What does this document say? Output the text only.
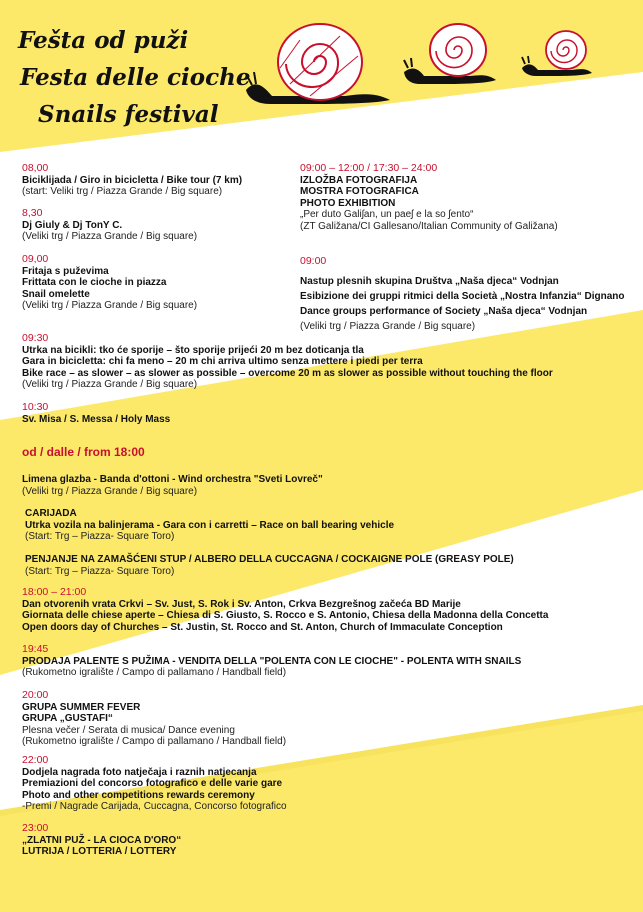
Fešta od puži
Festa delle cioche
Snails festival
08,00
Biciklijada / Giro in bicicletta / Bike tour (7 km)
(start: Veliki trg / Piazza Grande / Big square)
8,30
Dj Giuly & Dj TonY C.
(Veliki trg / Piazza Grande / Big square)
09,00
Fritaja s puževima
Frittata con le cioche in piazza
Snail omelette
(Veliki trg / Piazza Grande / Big square)
09:00 – 12:00 / 17:30 – 24:00
IZLOŽBA FOTOGRAFIJA
MOSTRA FOTOGRAFICA
PHOTO EXHIBITION
„Per duto Galiʃan, un paeʃ e la so ʃento“
(ZT Galižana/CI Gallesano/Italian Community of Galižana)
09:00
Nastup plesnih skupina Društva „Naša djeca“ Vodnjan
Esibizione dei gruppi ritmici della Società „Nostra Infanzia“ Dignano
Dance groups performance of Society „Naša djeca“ Vodnjan
(Veliki trg / Piazza Grande / Big square)
09:30
Utrka na bicikli: tko će sporije – što sporije prijeći 20 m bez doticanja tla
Gara in bicicletta: chi fa meno – 20 m chi arriva ultimo senza mettere i piedi per terra
Bike race – as slower – as slower as possible – overcome 20 m as slower as possible without touching the floor
(Veliki trg / Piazza Grande / Big square)
10:30
Sv. Misa / S. Messa / Holy Mass
od / dalle / from 18:00
Limena glazba - Banda d'ottoni - Wind orchestra "Sveti Lovreč"
(Veliki trg / Piazza Grande / Big square)
CARIJADA
Utrka vozila na balinjerama - Gara con i carretti – Race on ball bearing vehicle
(Start: Trg – Piazza- Square Toro)
PENJANJE NA ZAMAŠĆENI STUP / ALBERO DELLA CUCCAGNA / COCKAIGNE POLE (GREASY POLE)
(Start: Trg – Piazza- Square Toro)
18:00 – 21:00
Dan otvorenih vrata Crkvi – Sv. Just, S. Rok i Sv. Anton, Crkva Bezgrešnog začeća BD Marije
Giornata delle chiese aperte – Chiesa di S. Giusto, S. Rocco e S. Antonio, Chiesa della Madonna della Concetta
Open doors day of Churches – St. Justin, St. Rocco and St. Anton, Church of Immaculate Conception
19:45
PRODAJA PALENTE S PUŽIMA - VENDITA DELLA "POLENTA CON LE CIOCHE" - POLENTA WITH SNAILS
(Rukometno igralište / Campo di pallamano / Handball field)
20:00
GRUPA SUMMER FEVER
GRUPA „GUSTAFI“
Plesna večer / Serata di musica/ Dance evening
(Rukometno igralište / Campo di pallamano / Handball field)
22:00
Dodjela nagrada foto natječaja i raznih natjecanja
Premiazioni del concorso fotografico e delle varie gare
Photo and other competitions rewards ceremony
-Premi / Nagrade Carijada, Cuccagna, Concorso fotografico
23:00
„ZLATNI PUŽ - LA CIOCA D'ORO“
LUTRIJA / LOTTERIA / LOTTERY
